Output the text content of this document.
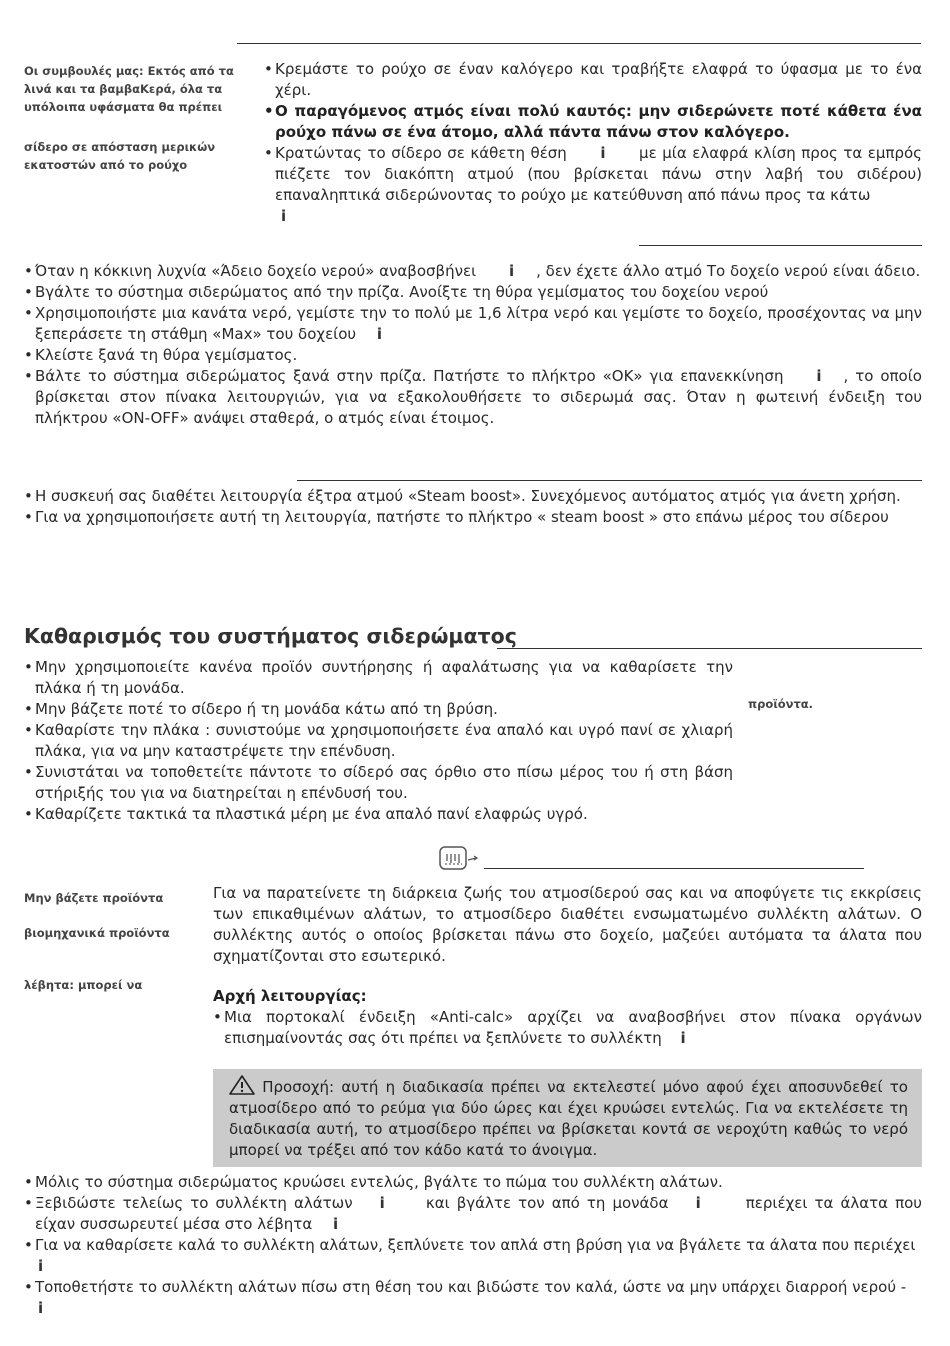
Οι συμβουλές μας: Εκτός από τα λινά και τα βαμβαΚερά, όλα τα υπόλοιπα υφάσματα θα πρέπει
σίδερο σε απόσταση μερικών εκατοστών από το ρούχο

• Κρεμάστε το ρούχο σε έναν καλόγερο και τραβήξτε ελαφρά το ύφασμα με το ένα χέρι.

• Ο παραγόμενος ατμός είναι πολύ καυτός: μην σιδερώνετε ποτέ κάθετα ένα ρούχο πάνω σε ένα άτομο, αλλά πάντα πάνω στον καλόγερο.

• Κρατώντας το σίδερο σε κάθετη θέση i με μία ελαφρά κλίση προς τα εμπρός πιέζετε τον διακόπτη ατμού (που βρίσκεται πάνω στην λαβή του σιδέρου) επαναληπτικά σιδερώνοντας το ρούχο με κατεύθυνση από πάνω προς τα κάτω
i

• Όταν η κόκκινη λυχνία «Άδειο δοχείο νερού» αναβοσβήνει i , δεν έχετε άλλο ατμό Το δοχείο νερού είναι άδειο.

• Βγάλτε το σύστημα σιδερώματος από την πρίζα. Ανοίξτε τη θύρα γεμίσματος του δοχείου νερού

• Χρησιμοποιήστε μια κανάτα νερό, γεμίστε την το πολύ με 1,6 λίτρα νερό και γεμίστε το δοχείο, προσέχοντας να μην ξεπεράσετε τη στάθμη «Max» του δοχείου i

• Κλείστε ξανά τη θύρα γεμίσματος.

• Βάλτε το σύστημα σιδερώματος ξανά στην πρίζα. Πατήστε το πλήκτρο «OK» για επανεκκίνηση i , το οποίο βρίσκεται στον πίνακα λειτουργιών, για να εξακολουθήσετε το σιδερωμά σας. Όταν η φωτεινή ένδειξη του πλήκτρου «ON-OFF» ανάψει σταθερά, ο ατμός είναι έτοιμος.

• Η συσκευή σας διαθέτει λειτουργία έξτρα ατμού «Steam boost». Συνεχόμενος αυτόματος ατμός για άνετη χρήση.

• Για να χρησιμοποιήσετε αυτή τη λειτουργία, πατήστε το πλήκτρο « steam boost » στο επάνω μέρος του σίδερου

Καθαρισμός του συστήματος σιδερώματος

• Μην χρησιμοποιείτε κανένα προϊόν συντήρησης ή αφαλάτωσης για να καθαρίσετε την πλάκα ή τη μονάδα.

• Μην βάζετε ποτέ το σίδερο ή τη μονάδα κάτω από τη βρύση.

• Καθαρίστε την πλάκα : συνιστούμε να χρησιμοποιήσετε ένα απαλό και υγρό πανί σε χλιαρή πλάκα, για να μην καταστρέψετε την επένδυση.

• Συνιστάται να τοποθετείτε πάντοτε το σίδερό σας όρθιο στο πίσω μέρος του ή στη βάση στήριξής του για να διατηρείται η επένδυσή του.

• Καθαρίζετε τακτικά τα πλαστικά μέρη με ένα απαλό πανί ελαφρώς υγρό.

προϊόντα.
Μην βάζετε προϊόντα
βιομηχανικά προϊόντα
λέβητα: μπορεί να

Για να παρατείνετε τη διάρκεια ζωής του ατμοσίδερού σας και να αποφύγετε τις εκκρίσεις των επικαθιμένων αλάτων, το ατμοσίδερο διαθέτει ενσωματωμένο συλλέκτη αλάτων. Ο συλλέκτης αυτός ο οποίος βρίσκεται πάνω στο δοχείο, μαζεύει αυτόματα τα άλατα που σχηματίζονται στο εσωτερικό.

Αρχή λειτουργίας:

• Μια πορτοκαλί ένδειξη «Anti-calc» αρχίζει να αναβοσβήνει στον πίνακα οργάνων επισημαίνοντάς σας ότι πρέπει να ξεπλύνετε το συλλέκτη i

Προσοχή: αυτή η διαδικασία πρέπει να εκτελεστεί μόνο αφού έχει αποσυνδεθεί το ατμοσίδερο από το ρεύμα για δύο ώρες και έχει κρυώσει εντελώς. Για να εκτελέσετε τη διαδικασία αυτή, το ατμοσίδερο πρέπει να βρίσκεται κοντά σε νεροχύτη καθώς το νερό μπορεί να τρέξει από τον κάδο κατά το άνοιγμα.

• Μόλις το σύστημα σιδερώματος κρυώσει εντελώς, βγάλτε το πώμα του συλλέκτη αλάτων.

• Ξεβιδώστε τελείως το συλλέκτη αλάτων i	και βγάλτε τον από τη μονάδα i	περιέχει τα άλατα που είχαν συσσωρευτεί μέσα στο λέβητα i

• Για να καθαρίσετε καλά το συλλέκτη αλάτων, ξεπλύνετε τον απλά στη βρύση για να βγάλετε τα άλατα που περιέχει
i

• Τοποθετήστε το συλλέκτη αλάτων πίσω στη θέση του και βιδώστε τον καλά, ώστε να μην υπάρχει διαρροή νερού -
i
